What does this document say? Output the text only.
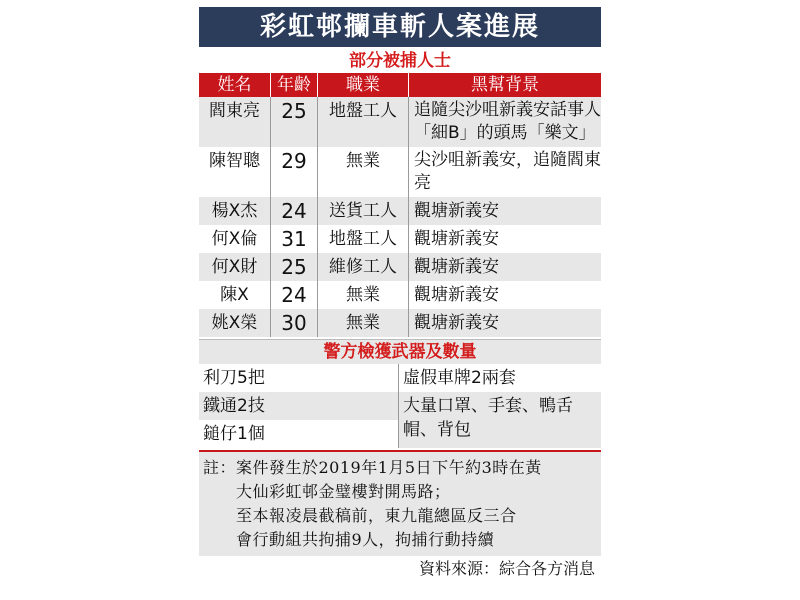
彩虹邨攔車斬人案進展
部分被捕人士
姓名	年齡	職業	黑幫背景
閻東亮	25	地盤工人	追隨尖沙咀新義安話事人「細B」的頭馬「樂文」
陳智聰	29	無業	尖沙咀新義安，追隨閻東亮
楊X杰	24	送貨工人	觀塘新義安
何X倫	31	地盤工人	觀塘新義安
何X財	25	維修工人	觀塘新義安
陳X	24	無業	觀塘新義安
姚X榮	30	無業	觀塘新義安
警方檢獲武器及數量
利刀5把
鐵通2技
鎚仔1個
虛假車牌2兩套
大量口罩、手套、鴨舌帽、背包
註：案件發生於2019年1月5日下午約3時在黃
大仙彩虹邨金璧樓對開馬路；
至本報凌晨截稿前，東九龍總區反三合
會行動組共拘捕9人，拘捕行動持續
資料來源：綜合各方消息
